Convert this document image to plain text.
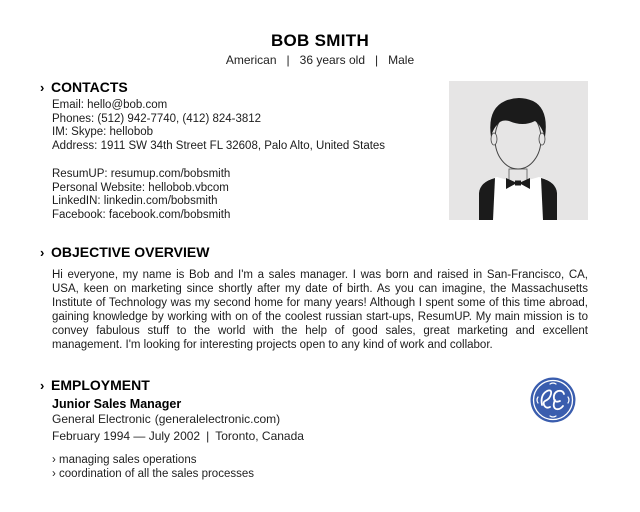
BOB SMITH
American | 36 years old | Male
› CONTACTS
Email: hello@bob.com
Phones: (512) 942-7740, (412) 824-3812
IM: Skype: hellobob
Address: 1911 SW 34th Street FL 32608, Palo Alto, United States
ResumUP: resumup.com/bobsmith
Personal Website: hellobob.vbcom
LinkedIN: linkedin.com/bobsmith
Facebook: facebook.com/bobsmith
› OBJECTIVE OVERVIEW
Hi everyone, my name is Bob and I'm a sales manager. I was born and raised in San-Francisco, CA, USA, keen on marketing since shortly after my date of birth. As you can imagine, the Massachusetts Institute of Technology was my second home for many years! Although I spent some of this time abroad, gaining knowledge by working with on of the coolest russian start-ups, ResumUP. My main mission is to convey fabulous stuff to the world with the help of good sales, great marketing and excellent management. I'm looking for interesting projects open to any kind of work and collabor.
› EMPLOYMENT
Junior Sales Manager
General Electronic (generalelectronic.com)
February 1994 — July 2002 | Toronto, Canada
› managing sales operations
› coordination of all the sales processes
